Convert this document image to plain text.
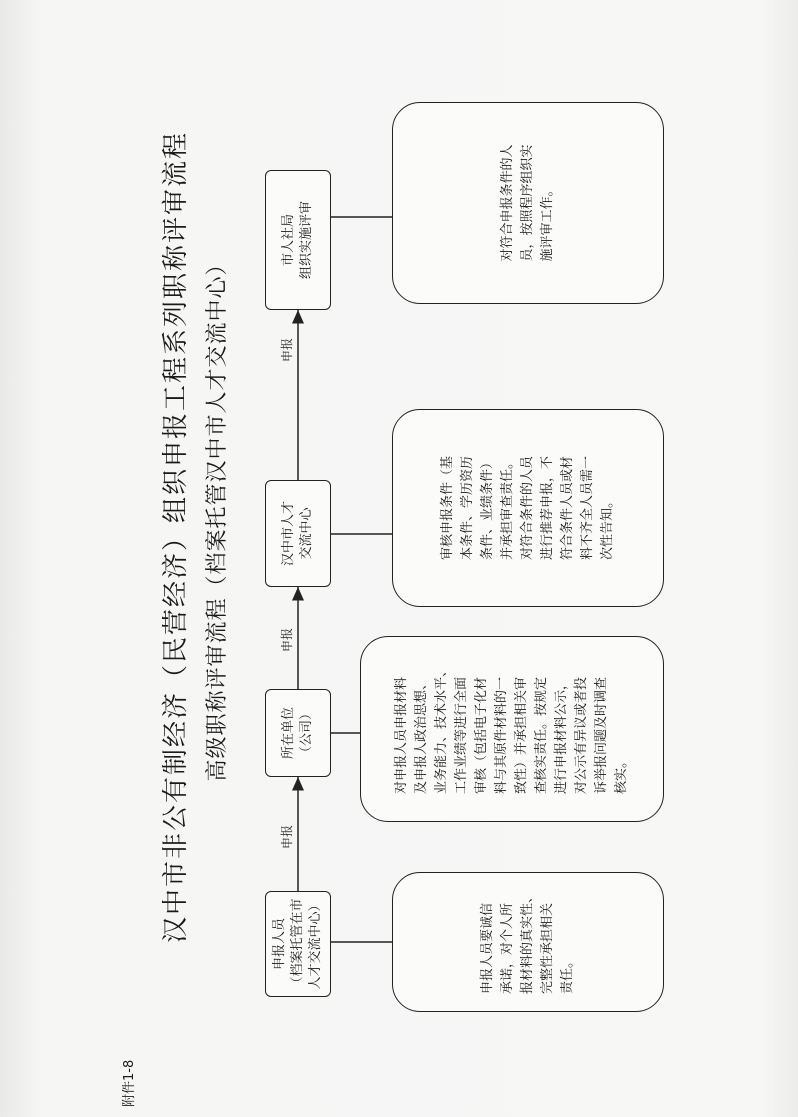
附件1-8
汉中市非公有制经济（民营经济）组织申报工程系列职称评审流程 高级职称评审流程（档案托管汉中市人才交流中心）
申报
申报
申报
申报人员
（档案托管在市
人才交流中心）	申报人员要诚信 承诺，对个人所 报材料的真实性、 完整性承担相关 责任。
所在单位
（公司）	对申报人员申报材料 及申报人政治思想、 业务能力、技术水平、 工作业绩等进行全面 审核（包括电子化材 料与其原件材料的一 致性）并承担相关审 查核实责任。按规定 进行申报材料公示， 对公示有异议或者投 诉举报问题及时调查 核实。
汉中市人才
交流中心	审核申报条件（基 本条件、学历资历 条件、业绩条件） 并承担审查责任。 对符合条件的人员 进行推荐申报，不 符合条件人员或材 料不齐全人员需一 次性告知。
市人社局
组织实施评审	对符合申报条件的人 员，按照程序组织实 施评审工作。
